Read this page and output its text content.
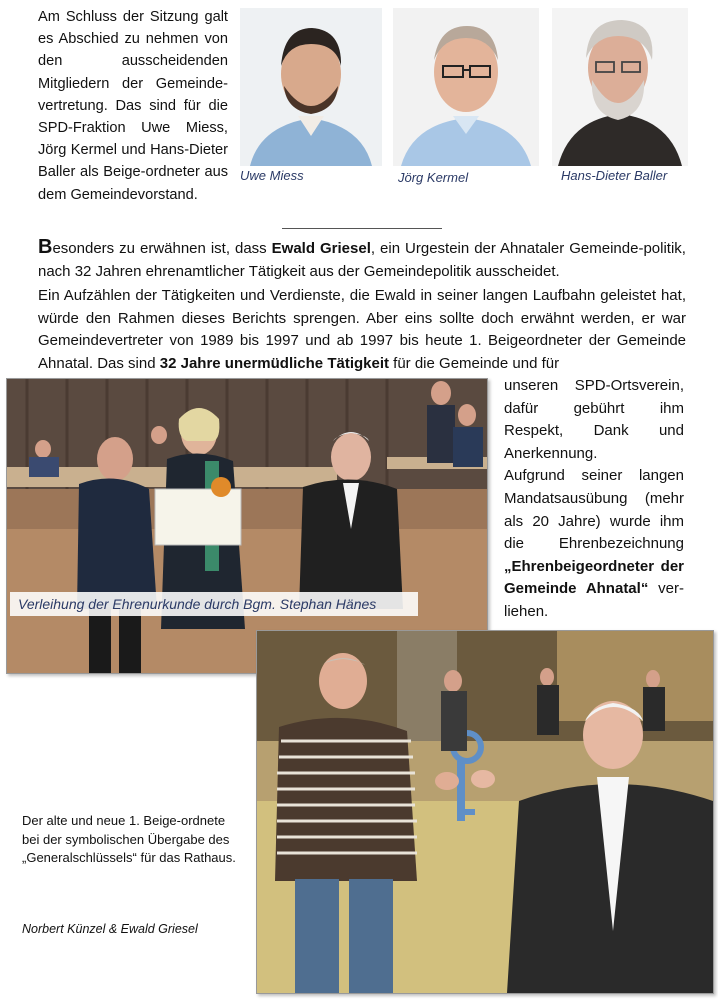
Am Schluss der Sitzung galt es Abschied zu nehmen von den ausscheidenden Mitgliedern der Gemeinde-vertretung. Das sind für die SPD-Fraktion Uwe Miess, Jörg Kermel und Hans-Dieter Baller als Beige-ordneter aus dem Gemeindevorstand.

Uwe Miess	Jörg Kermel	Hans-Dieter Baller

Besonders zu erwähnen ist, dass Ewald Griesel, ein Urgestein der Ahnataler Gemeinde-politik, nach 32 Jahren ehrenamtlicher Tätigkeit aus der Gemeindepolitik ausscheidet.

Ein Aufzählen der Tätigkeiten und Verdienste, die Ewald in seiner langen Laufbahn geleistet hat, würde den Rahmen dieses Berichts sprengen. Aber eins sollte doch erwähnt werden, er war Gemeindevertreter von 1989 bis 1997 und ab 1997 bis heute 1. Beigeordneter der Gemeinde Ahnatal. Das sind 32 Jahre unermüdliche Tätigkeit für die Gemeinde und für

unseren SPD-Ortsverein, dafür gebührt ihm Respekt, Dank und Anerkennung.

Aufgrund seiner langen Mandatsausübung (mehr als 20 Jahre) wurde ihm die Ehrenbezeichnung „Ehrenbeigeordneter der Gemeinde Ahnatal“ ver-liehen.

Verleihung der Ehrenurkunde durch Bgm. Stephan Hänes

Der alte und neue 1. Beige-ordnete bei der symbolischen Übergabe des „Generalschlüssels“ für das Rathaus.

Norbert Künzel & Ewald Griesel
